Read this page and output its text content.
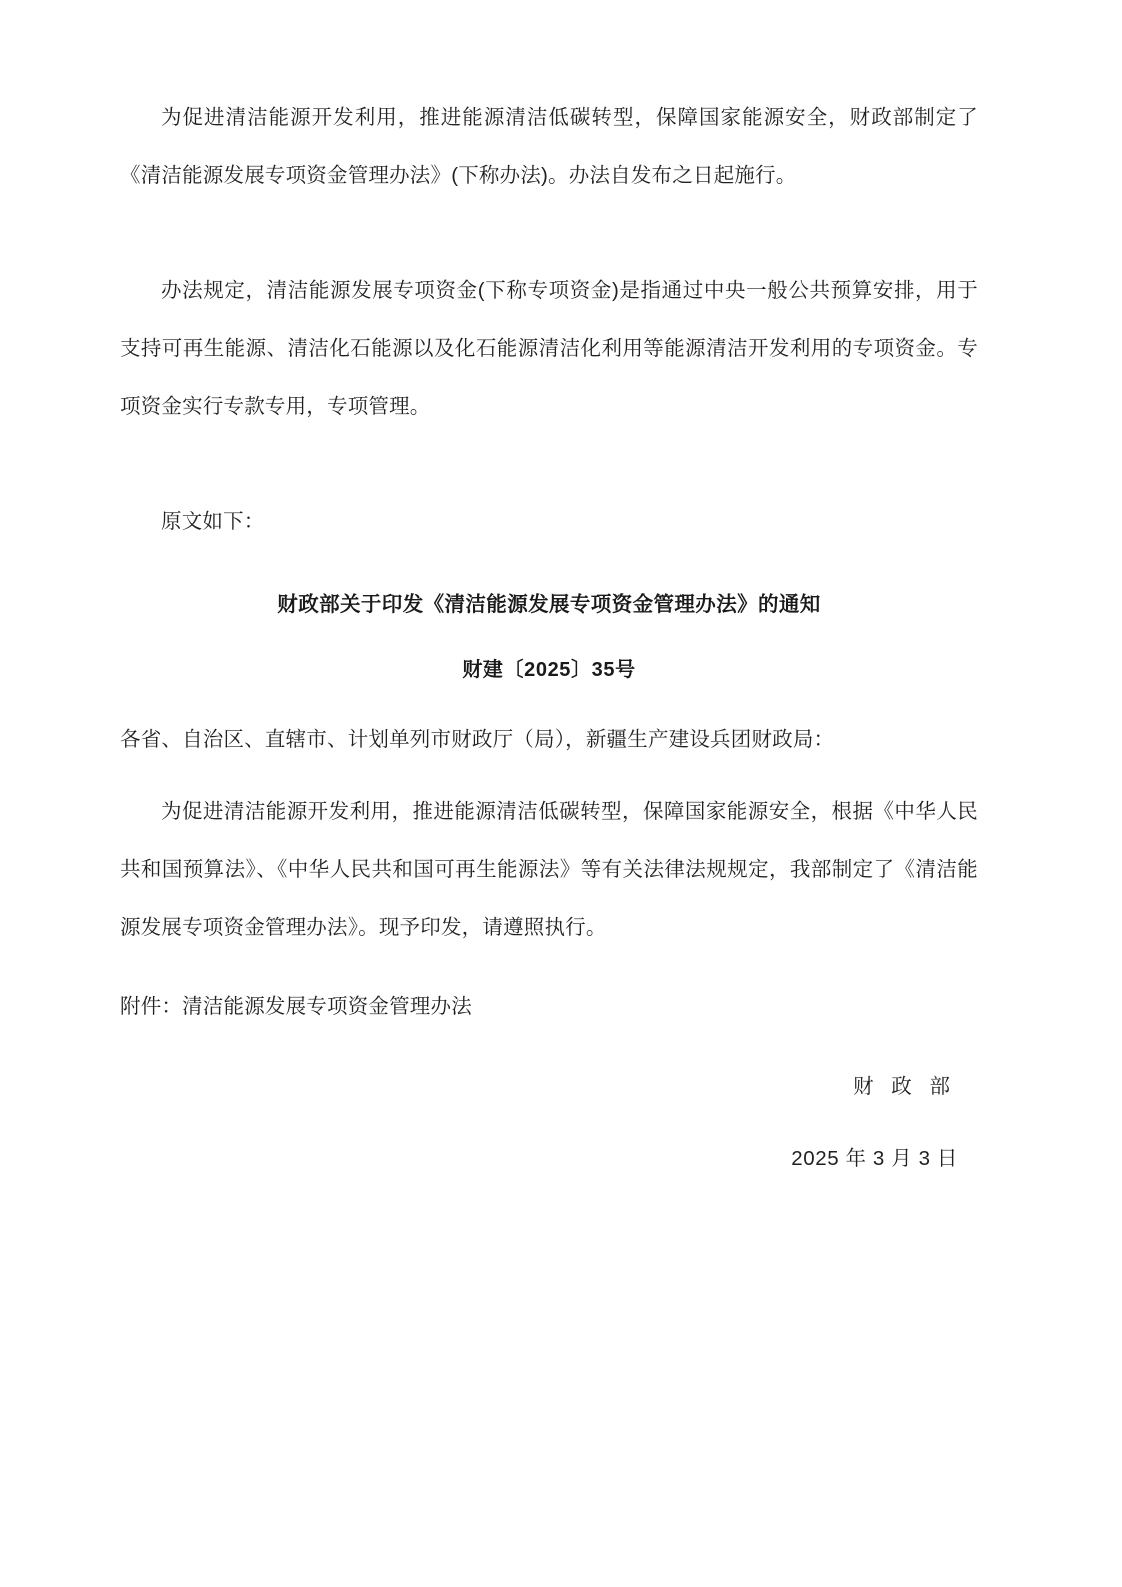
为促进清洁能源开发利用，推进能源清洁低碳转型，保障国家能源安全，财政部制定了《清洁能源发展专项资金管理办法》(下称办法)。办法自发布之日起施行。

办法规定，清洁能源发展专项资金(下称专项资金)是指通过中央一般公共预算安排，用于支持可再生能源、清洁化石能源以及化石能源清洁化利用等能源清洁开发利用的专项资金。专项资金实行专款专用，专项管理。

原文如下：

财政部关于印发《清洁能源发展专项资金管理办法》的通知
财建〔2025〕35号

各省、自治区、直辖市、计划单列市财政厅（局），新疆生产建设兵团财政局：

为促进清洁能源开发利用，推进能源清洁低碳转型，保障国家能源安全，根据《中华人民共和国预算法》、《中华人民共和国可再生能源法》等有关法律法规规定，我部制定了《清洁能源发展专项资金管理办法》。现予印发，请遵照执行。

附件：清洁能源发展专项资金管理办法

财 政 部
2025 年 3 月 3 日
